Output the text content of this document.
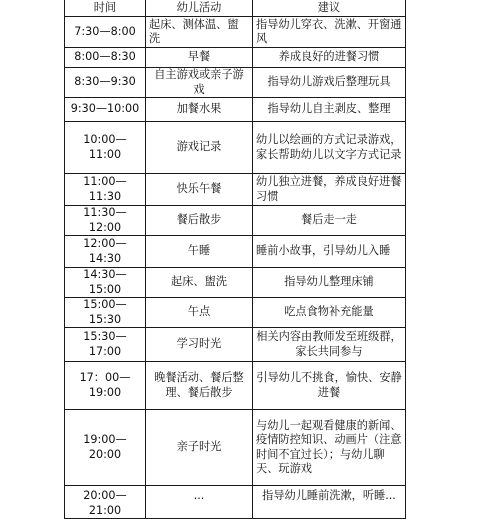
时间	幼儿活动	建议
7:30—8:00	起床、测体温、盥洗	指导幼儿穿衣、洗漱、开窗通风
8:00—8:30	早餐	养成良好的进餐习惯
8:30—9:30	自主游戏或亲子游戏	指导幼儿游戏后整理玩具
9:30—10:00	加餐水果	指导幼儿自主剥皮、整理
10:00—11:00	游戏记录	幼儿以绘画的方式记录游戏，家长帮助幼儿以文字方式记录
11:00—11:30	快乐午餐	幼儿独立进餐，养成良好进餐习惯
11:30—12:00	餐后散步	餐后走一走
12:00—14:30	午睡	睡前小故事，引导幼儿入睡
14:30—15:00	起床、盥洗	指导幼儿整理床铺
15:00—15:30	午点	吃点食物补充能量
15:30—17:00	学习时光	相关内容由教师发至班级群，家长共同参与
17：00—19:00	晚餐活动、餐后整理、餐后散步	引导幼儿不挑食，愉快、安静进餐
19:00—20:00	亲子时光	与幼儿一起观看健康的新闻、疫情防控知识、动画片（注意时间不宜过长）；与幼儿聊天、玩游戏
20:00—21:00	...	指导幼儿睡前洗漱，听睡...
